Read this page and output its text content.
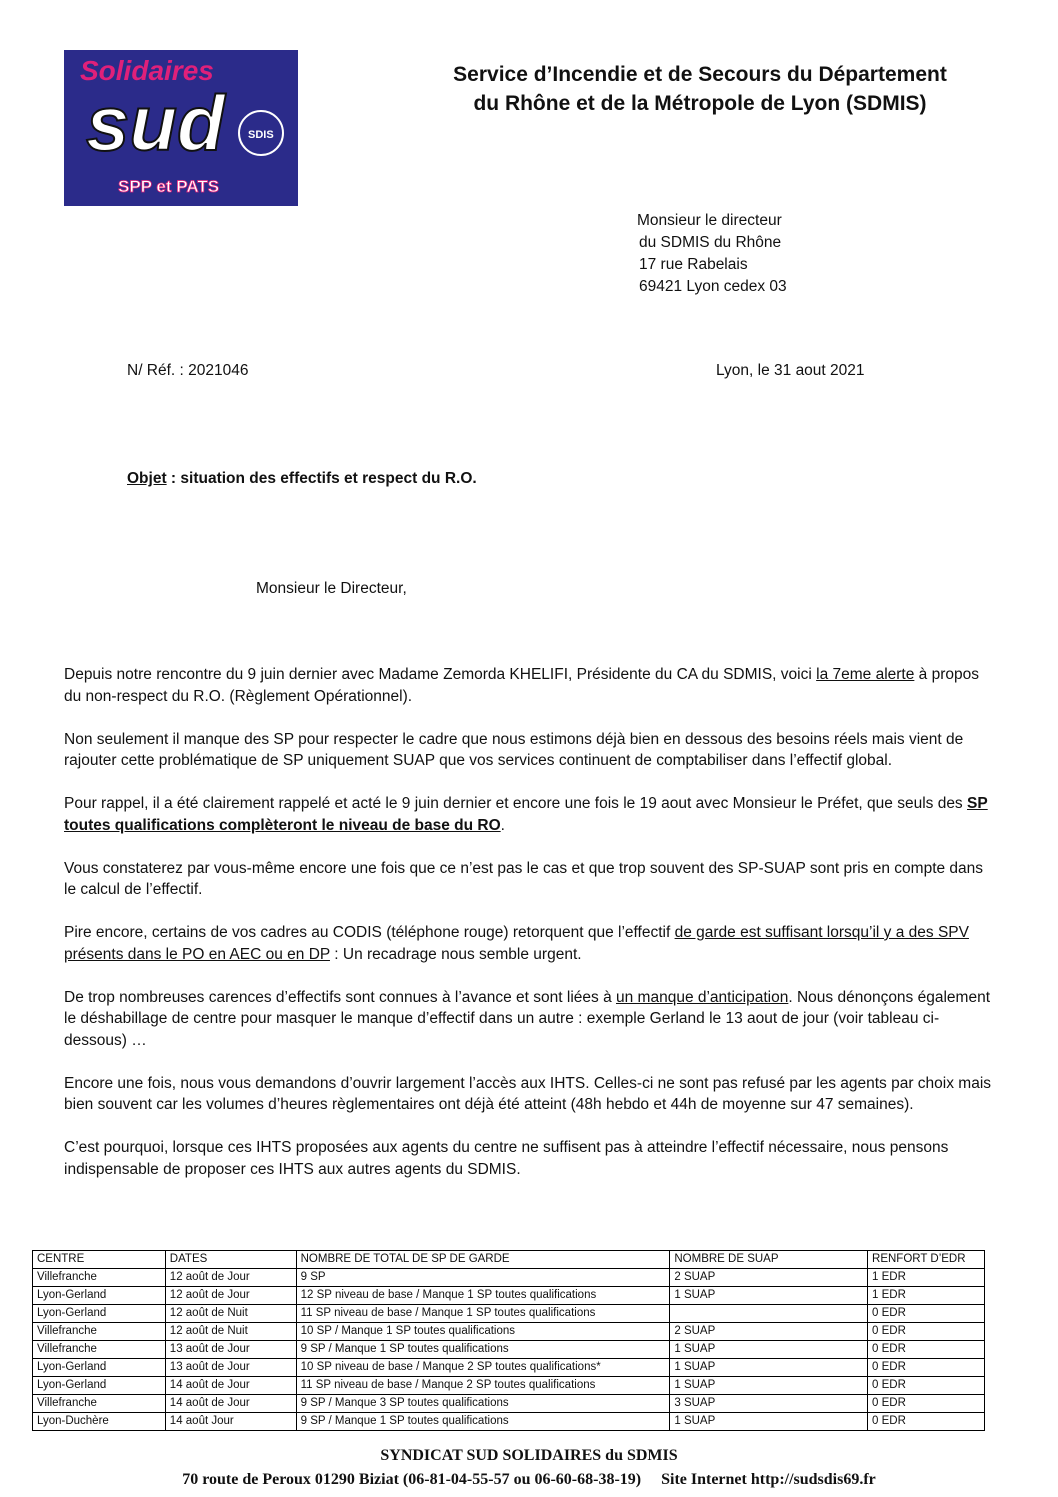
Solidaires
sud SDIS
SPP et PATS
Service d’Incendie et de Secours du Département
du Rhône et de la Métropole de Lyon (SDMIS)
Monsieur le directeur
du SDMIS du Rhône
17 rue Rabelais
69421 Lyon cedex 03
N/ Réf. : 2021046	Lyon, le 31 aout 2021
Objet : situation des effectifs et respect du R.O.
Monsieur le Directeur,

Depuis notre rencontre du 9 juin dernier avec Madame Zemorda KHELIFI, Présidente du CA du SDMIS, voici la 7eme alerte à propos du non-respect du R.O. (Règlement Opérationnel).

Non seulement il manque des SP pour respecter le cadre que nous estimons déjà bien en dessous des besoins réels mais vient de rajouter cette problématique de SP uniquement SUAP que vos services continuent de comptabiliser dans l’effectif global.

Pour rappel, il a été clairement rappelé et acté le 9 juin dernier et encore une fois le 19 aout avec Monsieur le Préfet, que seuls des SP toutes qualifications complèteront le niveau de base du RO.

Vous constaterez par vous-même encore une fois que ce n’est pas le cas et que trop souvent des SP-SUAP sont pris en compte dans le calcul de l’effectif.

Pire encore, certains de vos cadres au CODIS (téléphone rouge) retorquent que l’effectif de garde est suffisant lorsqu’il y a des SPV présents dans le PO en AEC ou en DP : Un recadrage nous semble urgent.

De trop nombreuses carences d’effectifs sont connues à l’avance et sont liées à un manque d’anticipation. Nous dénonçons également le déshabillage de centre pour masquer le manque d’effectif dans un autre : exemple Gerland le 13 aout de jour (voir tableau ci-dessous) …

Encore une fois, nous vous demandons d’ouvrir largement l’accès aux IHTS. Celles-ci ne sont pas refusé par les agents par choix mais bien souvent car les volumes d’heures règlementaires ont déjà été atteint (48h hebdo et 44h de moyenne sur 47 semaines).

C’est pourquoi, lorsque ces IHTS proposées aux agents du centre ne suffisent pas à atteindre l’effectif nécessaire, nous pensons indispensable de proposer ces IHTS aux autres agents du SDMIS.

CENTRE	DATES	NOMBRE DE TOTAL DE SP DE GARDE	NOMBRE DE SUAP	RENFORT D’EDR
Villefranche	12 août de Jour	9 SP	2 SUAP	1 EDR
Lyon-Gerland	12 août de Jour	12 SP niveau de base / Manque 1 SP toutes qualifications	1 SUAP	1 EDR
Lyon-Gerland	12 août de Nuit	11 SP niveau de base / Manque 1 SP toutes qualifications		0 EDR
Villefranche	12 août de Nuit	10 SP / Manque 1 SP toutes qualifications	2 SUAP	0 EDR
Villefranche	13 août de Jour	9 SP / Manque 1 SP toutes qualifications	1 SUAP	0 EDR
Lyon-Gerland	13 août de Jour	10 SP niveau de base / Manque 2 SP toutes qualifications*	1 SUAP	0 EDR
Lyon-Gerland	14 août de Jour	11 SP niveau de base / Manque 2 SP toutes qualifications	1 SUAP	0 EDR
Villefranche	14 août de Jour	9 SP / Manque 3 SP toutes qualifications	3 SUAP	0 EDR
Lyon-Duchère	14 août Jour	9 SP / Manque 1 SP toutes qualifications	1 SUAP	0 EDR
SYNDICAT SUD SOLIDAIRES du SDMIS
70 route de Peroux 01290 Biziat (06-81-04-55-57 ou 06-60-68-38-19)     Site Internet http://sudsdis69.fr
